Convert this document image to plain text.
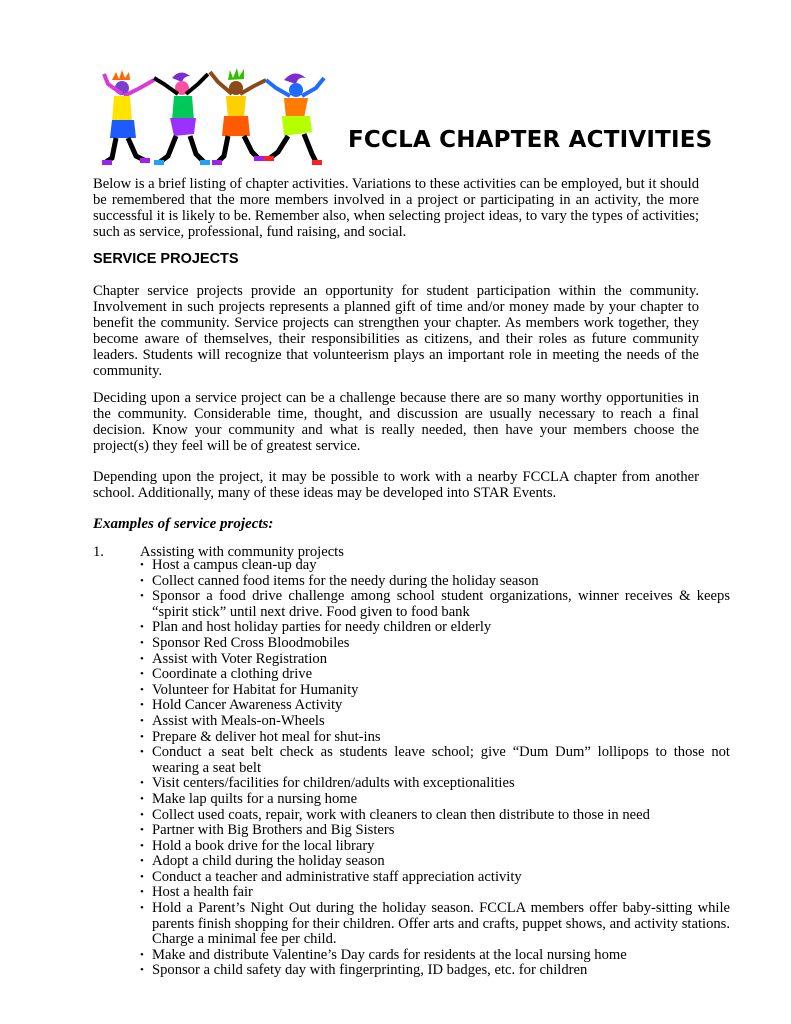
FCCLA CHAPTER ACTIVITIES
Below is a brief listing of chapter activities. Variations to these activities can be employed, but it should be remembered that the more members involved in a project or participating in an activity, the more successful it is likely to be. Remember also, when selecting project ideas, to vary the types of activities; such as service, professional, fund raising, and social.
SERVICE PROJECTS
Chapter service projects provide an opportunity for student participation within the community. Involvement in such projects represents a planned gift of time and/or money made by your chapter to benefit the community. Service projects can strengthen your chapter. As members work together, they become aware of themselves, their responsibilities as citizens, and their roles as future community leaders. Students will recognize that volunteerism plays an important role in meeting the needs of the community.
Deciding upon a service project can be a challenge because there are so many worthy opportunities in the community. Considerable time, thought, and discussion are usually necessary to reach a final decision. Know your community and what is really needed, then have your members choose the project(s) they feel will be of greatest service.
Depending upon the project, it may be possible to work with a nearby FCCLA chapter from another school. Additionally, many of these ideas may be developed into STAR Events.
Examples of service projects:
1. Assisting with community projects
• Host a campus clean-up day
• Collect canned food items for the needy during the holiday season
• Sponsor a food drive challenge among school student organizations, winner receives & keeps “spirit stick” until next drive. Food given to food bank
• Plan and host holiday parties for needy children or elderly
• Sponsor Red Cross Bloodmobiles
• Assist with Voter Registration
• Coordinate a clothing drive
• Volunteer for Habitat for Humanity
• Hold Cancer Awareness Activity
• Assist with Meals-on-Wheels
• Prepare & deliver hot meal for shut-ins
• Conduct a seat belt check as students leave school; give “Dum Dum” lollipops to those not wearing a seat belt
• Visit centers/facilities for children/adults with exceptionalities
• Make lap quilts for a nursing home
• Collect used coats, repair, work with cleaners to clean then distribute to those in need
• Partner with Big Brothers and Big Sisters
• Hold a book drive for the local library
• Adopt a child during the holiday season
• Conduct a teacher and administrative staff appreciation activity
• Host a health fair
• Hold a Parent’s Night Out during the holiday season. FCCLA members offer baby-sitting while parents finish shopping for their children. Offer arts and crafts, puppet shows, and activity stations. Charge a minimal fee per child.
• Make and distribute Valentine’s Day cards for residents at the local nursing home
• Sponsor a child safety day with fingerprinting, ID badges, etc. for children
